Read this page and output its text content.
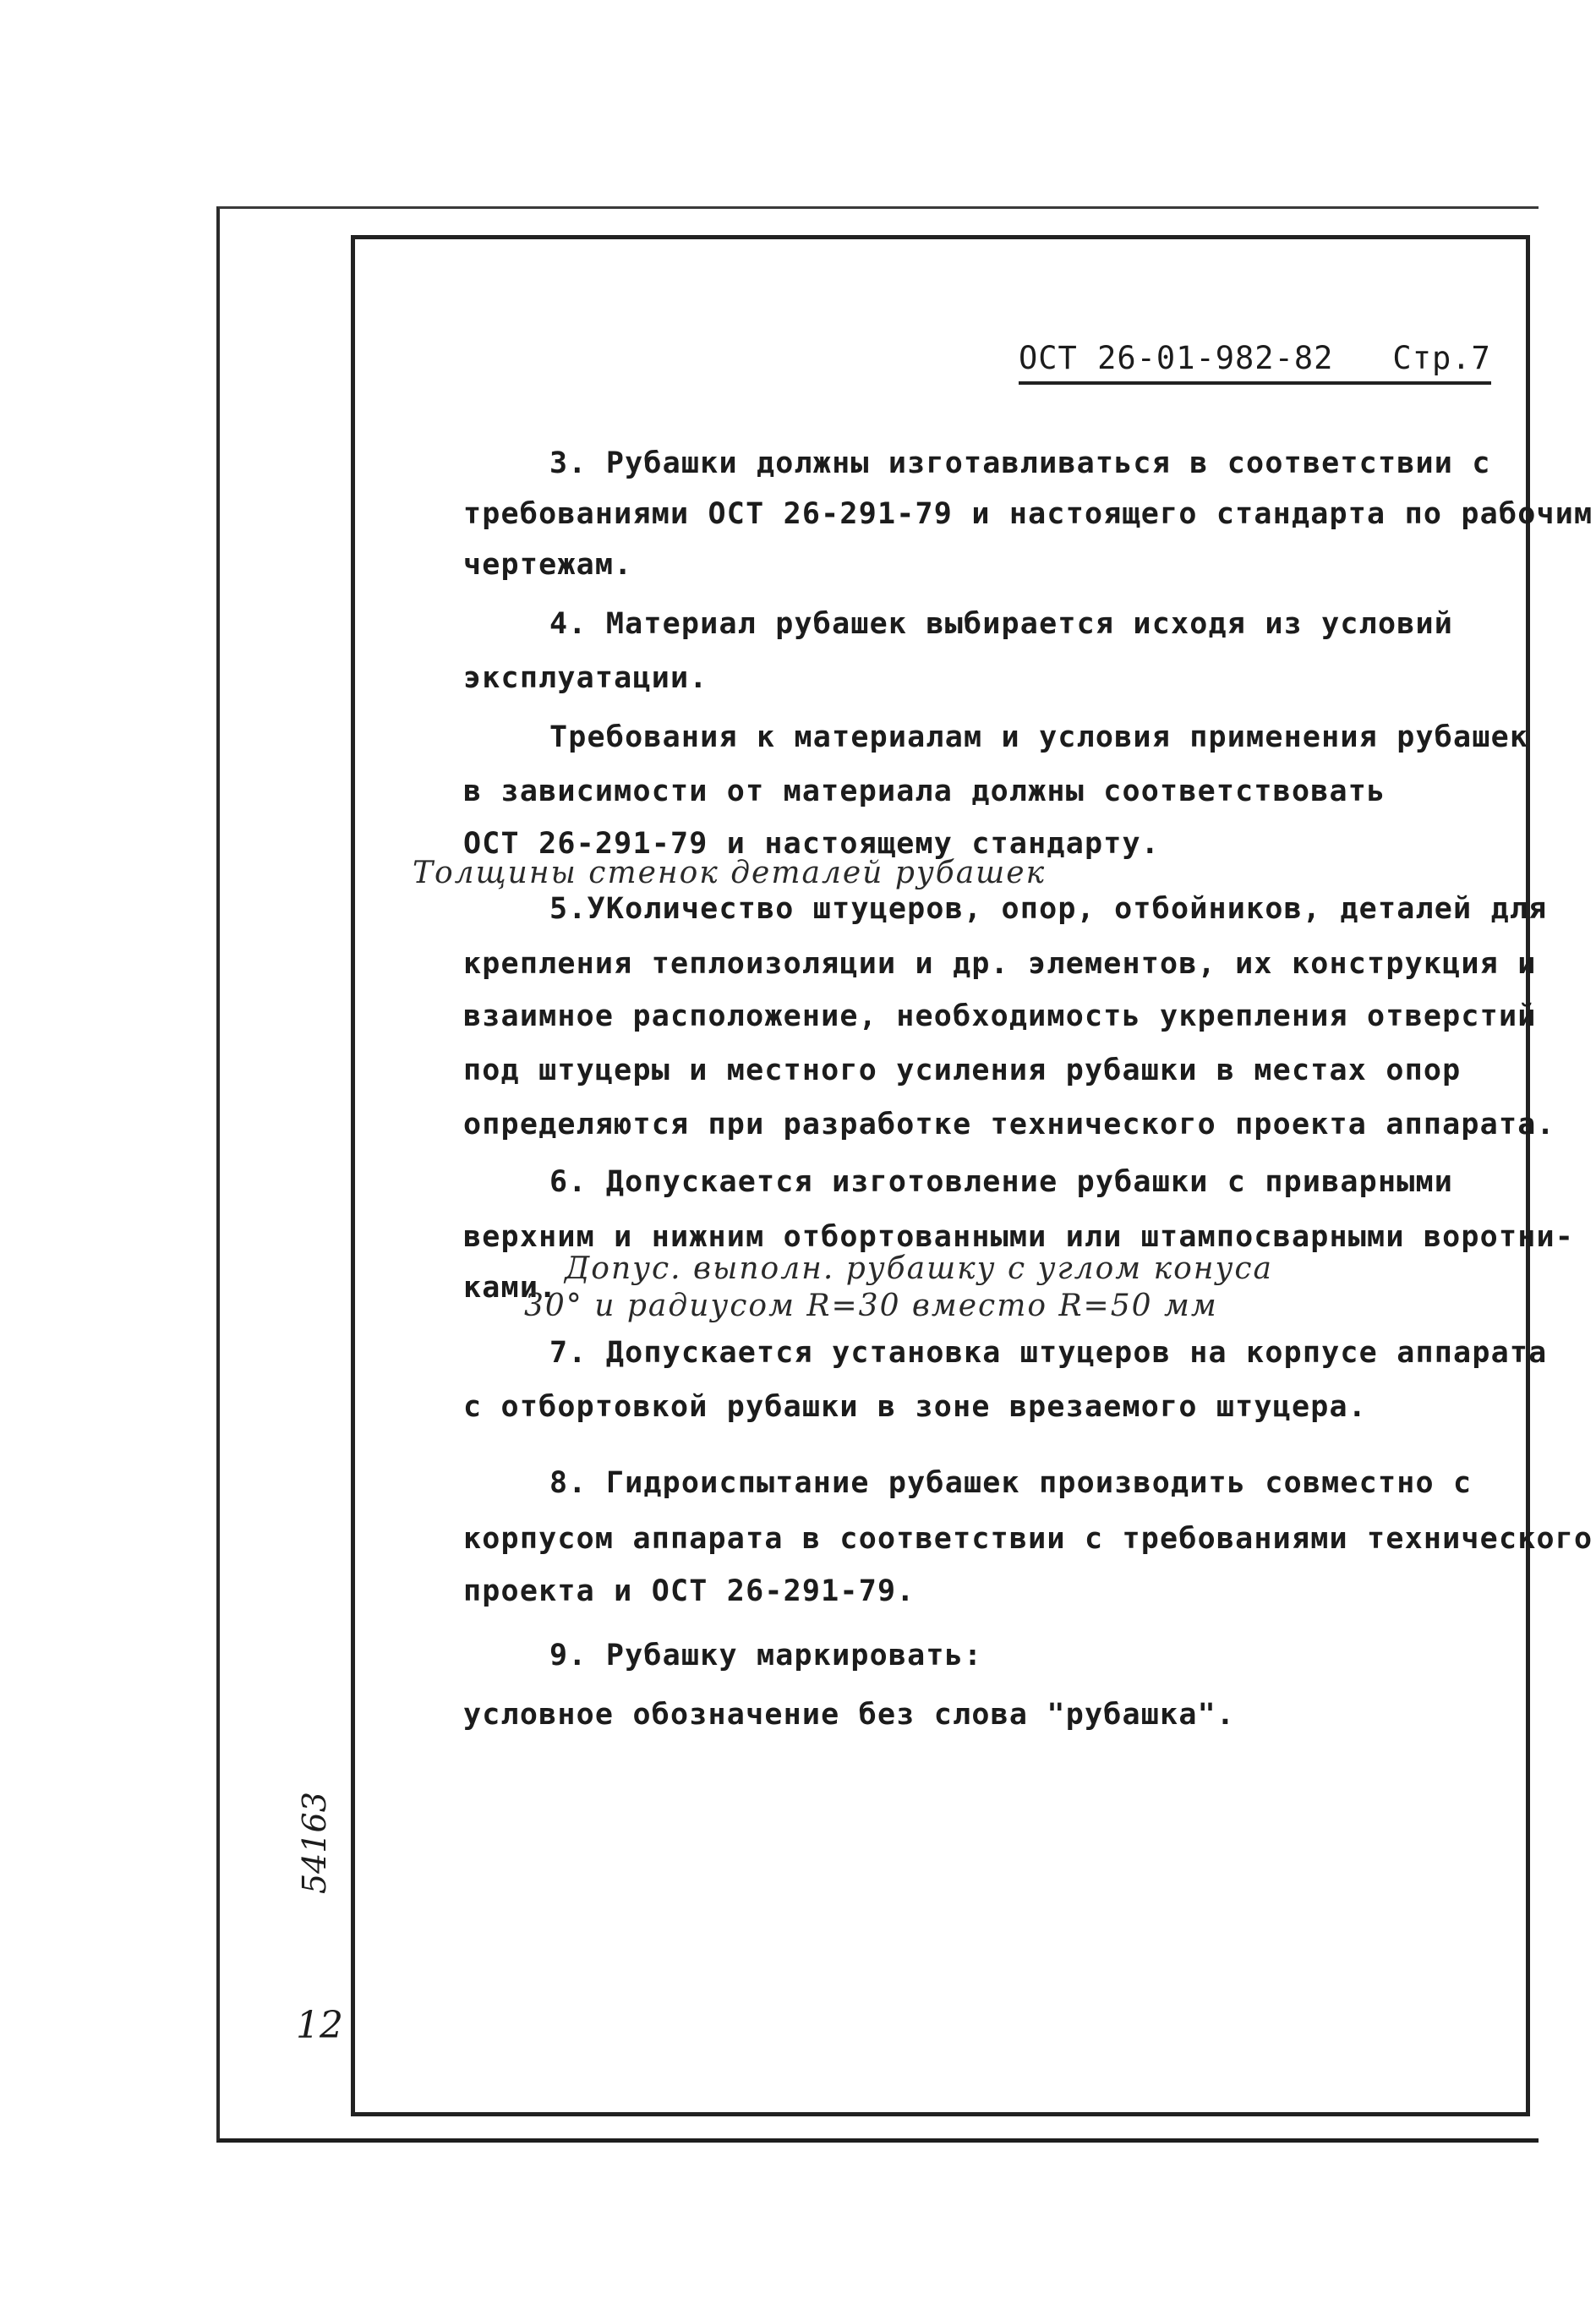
ОСТ 26-01-982-82 Стр.7
3. Рубашки должны изготавливаться в соответствии с
требованиями ОСТ 26-291-79 и настоящего стандарта по рабочим
чертежам.
4. Материал рубашек выбирается исходя из условий
эксплуатации.
Требования к материалам и условия применения рубашек
в зависимости от материала должны соответствовать
ОСТ 26-291-79 и настоящему стандарту.
Толщины стенок деталей рубашек
5.УКоличество штуцеров, опор, отбойников, деталей для
крепления теплоизоляции и др. элементов, их конструкция и
взаимное расположение, необходимость укрепления отверстий
под штуцеры и местного усиления рубашки в местах опор
определяются при разработке технического проекта аппарата.
6. Допускается изготовление рубашки с приварными
верхним и нижним отбортованными или штампосварными воротни-
ками.
Допус. выполн. рубашку с углом конуса
30° и радиусом R=30 вместо R=50 мм
7. Допускается установка штуцеров на корпусе аппарата
с отбортовкой рубашки в зоне врезаемого штуцера.
8. Гидроиспытание рубашек производить совместно с
корпусом аппарата в соответствии с требованиями технического
проекта и ОСТ 26-291-79.
9. Рубашку маркировать:
условное обозначение без слова "рубашка".
54163
12
